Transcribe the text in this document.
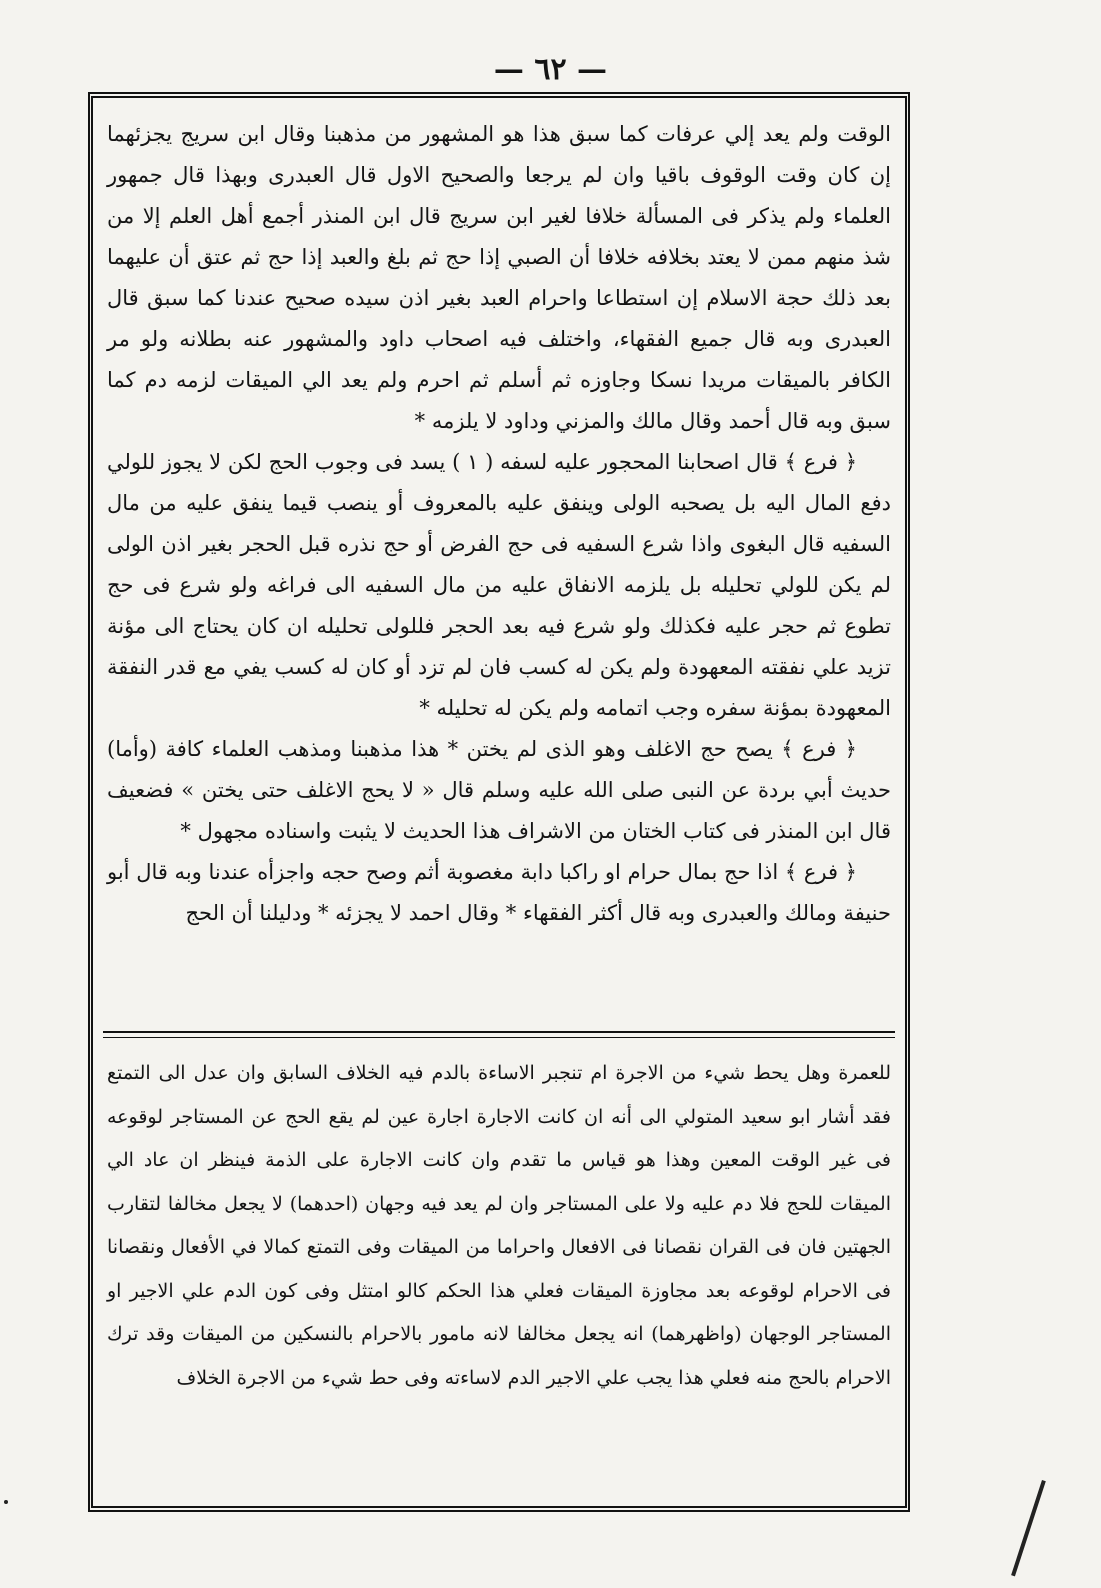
— ٦٢ —

الوقت ولم يعد إلي عرفات كما سبق هذا هو المشهور من مذهبنا وقال ابن سريج يجزئهما إن كان وقت الوقوف باقيا وان لم يرجعا والصحيح الاول قال العبدرى وبهذا قال جمهور العلماء ولم يذكر فى المسألة خلافا لغير ابن سريج قال ابن المنذر أجمع أهل العلم إلا من شذ منهم ممن لا يعتد بخلافه خلافا أن الصبي إذا حج ثم بلغ والعبد إذا حج ثم عتق أن عليهما بعد ذلك حجة الاسلام إن استطاعا واحرام العبد بغير اذن سيده صحيح عندنا كما سبق قال العبدرى وبه قال جميع الفقهاء، واختلف فيه اصحاب داود والمشهور عنه بطلانه ولو مر الكافر بالميقات مريدا نسكا وجاوزه ثم أسلم ثم احرم ولم يعد الي الميقات لزمه دم كما سبق وبه قال أحمد وقال مالك والمزني وداود لا يلزمه *

﴿ فرع ﴾ قال اصحابنا المحجور عليه لسفه ( ١ ) يسد فى وجوب الحج لكن لا يجوز للولي دفع المال اليه بل يصحبه الولى وينفق عليه بالمعروف أو ينصب قيما ينفق عليه من مال السفيه قال البغوى واذا شرع السفيه فى حج الفرض أو حج نذره قبل الحجر بغير اذن الولى لم يكن للولي تحليله بل يلزمه الانفاق عليه من مال السفيه الى فراغه ولو شرع فى حج تطوع ثم حجر عليه فكذلك ولو شرع فيه بعد الحجر فللولى تحليله ان كان يحتاج الى مؤنة تزيد علي نفقته المعهودة ولم يكن له كسب فان لم تزد أو كان له كسب يفي مع قدر النفقة المعهودة بمؤنة سفره وجب اتمامه ولم يكن له تحليله *

﴿ فرع ﴾ يصح حج الاغلف وهو الذى لم يختن * هذا مذهبنا ومذهب العلماء كافة (وأما) حديث أبي بردة عن النبى صلى الله عليه وسلم قال « لا يحج الاغلف حتى يختن » فضعيف قال ابن المنذر فى كتاب الختان من الاشراف هذا الحديث لا يثبت واسناده مجهول *

﴿ فرع ﴾ اذا حج بمال حرام او راكبا دابة مغصوبة أثم وصح حجه واجزأه عندنا وبه قال أبو حنيفة ومالك والعبدرى وبه قال أكثر الفقهاء * وقال احمد لا يجزئه * ودليلنا أن الحج

للعمرة وهل يحط شيء من الاجرة ام تنجبر الاساءة بالدم فيه الخلاف السابق وان عدل الى التمتع فقد أشار ابو سعيد المتولي الى أنه ان كانت الاجارة اجارة عين لم يقع الحج عن المستاجر لوقوعه فى غير الوقت المعين وهذا هو قياس ما تقدم وان كانت الاجارة على الذمة فينظر ان عاد الي الميقات للحج فلا دم عليه ولا على المستاجر وان لم يعد فيه وجهان (احدهما) لا يجعل مخالفا لتقارب الجهتين فان فى القران نقصانا فى الافعال واحراما من الميقات وفى التمتع كمالا في الأفعال ونقصانا فى الاحرام لوقوعه بعد مجاوزة الميقات فعلي هذا الحكم كالو امتثل وفى كون الدم علي الاجير او المستاجر الوجهان (واظهرهما) انه يجعل مخالفا لانه مامور بالاحرام بالنسكين من الميقات وقد ترك الاحرام بالحج منه فعلي هذا يجب علي الاجير الدم لاساءته وفى حط شيء من الاجرة الخلاف
